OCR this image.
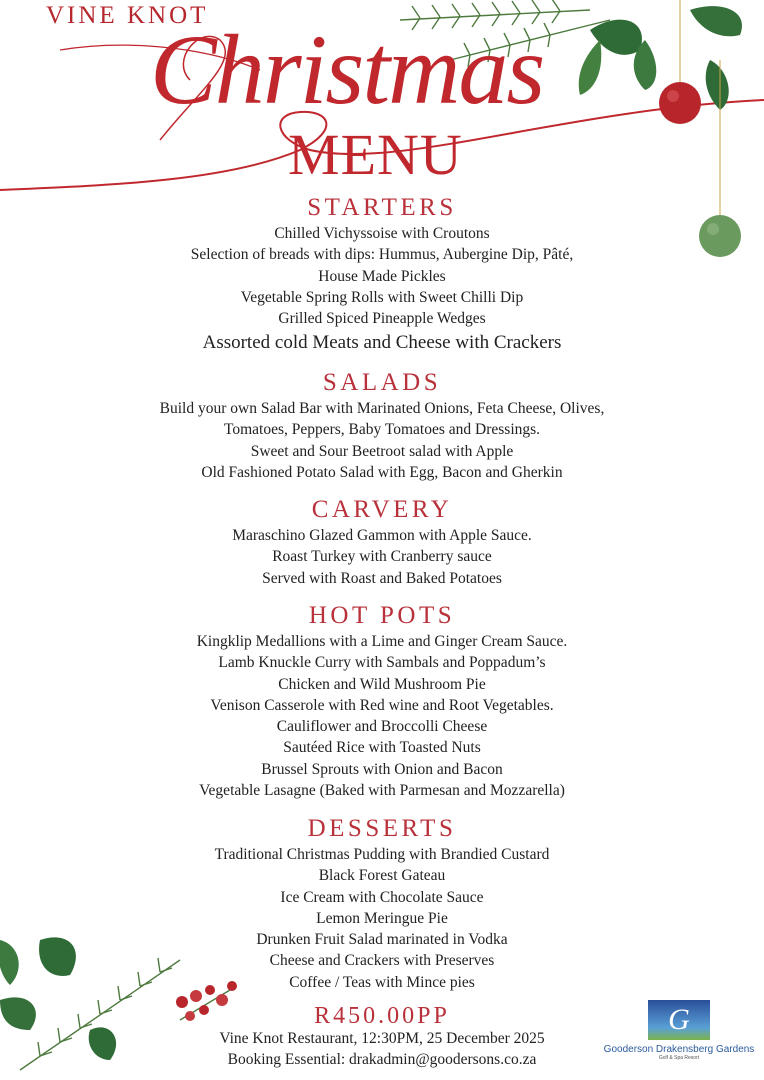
VINE KNOT
Christmas
MENU
STARTERS
Chilled Vichyssoise with Croutons
Selection of breads with dips: Hummus, Aubergine Dip, Pâté,
House Made Pickles
Vegetable Spring Rolls with Sweet Chilli Dip
Grilled Spiced Pineapple Wedges
Assorted cold Meats and Cheese with Crackers
SALADS
Build your own Salad Bar with Marinated Onions, Feta Cheese, Olives,
Tomatoes, Peppers, Baby Tomatoes and Dressings.
Sweet and Sour Beetroot salad with Apple
Old Fashioned Potato Salad with Egg, Bacon and Gherkin
CARVERY
Maraschino Glazed Gammon with Apple Sauce.
Roast Turkey with Cranberry sauce
Served with Roast and Baked Potatoes
HOT POTS
Kingklip Medallions with a Lime and Ginger Cream Sauce.
Lamb Knuckle Curry with Sambals and Poppadum’s
Chicken and Wild Mushroom Pie
Venison Casserole with Red wine and Root Vegetables.
Cauliflower and Broccolli Cheese
Sautéed Rice with Toasted Nuts
Brussel Sprouts with Onion and Bacon
Vegetable Lasagne (Baked with Parmesan and Mozzarella)
DESSERTS
Traditional Christmas Pudding with Brandied Custard
Black Forest Gateau
Ice Cream with Chocolate Sauce
Lemon Meringue Pie
Drunken Fruit Salad marinated in Vodka
Cheese and Crackers with Preserves
Coffee / Teas with Mince pies
R450.00PP
Vine Knot Restaurant, 12:30PM, 25 December 2025
Booking Essential: drakadmin@goodersons.co.za
G
Gooderson Drakensberg Gardens
Golf & Spa Resort
